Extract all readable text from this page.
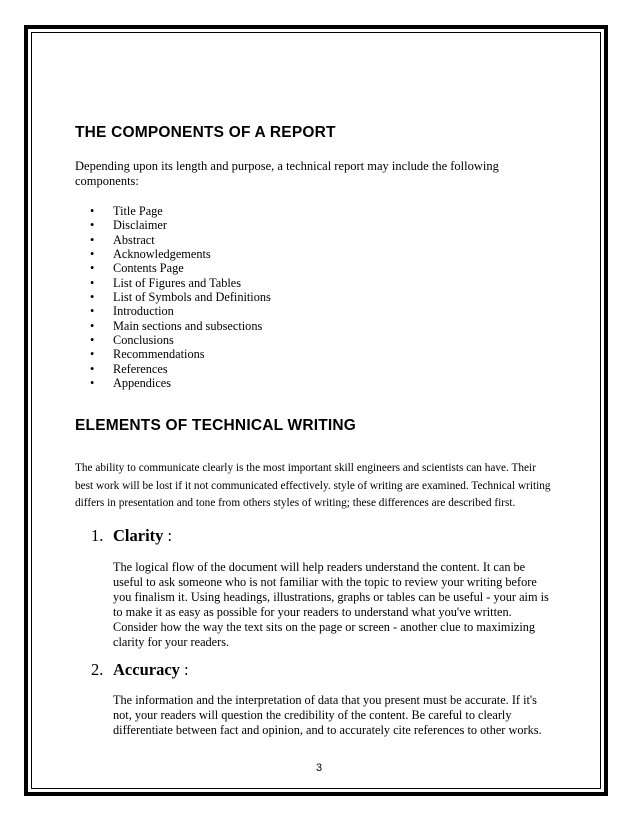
THE COMPONENTS OF A REPORT

Depending upon its length and purpose, a technical report may include the following

components:

• Title Page
• Disclaimer
• Abstract
• Acknowledgements
• Contents Page
• List of Figures and Tables
• List of Symbols and Definitions
• Introduction
• Main sections and subsections
• Conclusions
• Recommendations
• References
• Appendices
ELEMENTS OF TECHNICAL WRITING

The ability to communicate clearly is the most important skill engineers and scientists can have. Their

best work will be lost if it not communicated effectively. style of writing are examined. Technical writing

differs in presentation and tone from others styles of writing; these differences are described first.

1. Clarity :

The logical flow of the document will help readers understand the content. It can be

useful to ask someone who is not familiar with the topic to review your writing before

you finalism it. Using headings, illustrations, graphs or tables can be useful - your aim is

to make it as easy as possible for your readers to understand what you've written.

Consider how the way the text sits on the page or screen - another clue to maximizing

clarity for your readers.

2. Accuracy :

The information and the interpretation of data that you present must be accurate. If it's

not, your readers will question the credibility of the content. Be careful to clearly

differentiate between fact and opinion, and to accurately cite references to other works.

3
